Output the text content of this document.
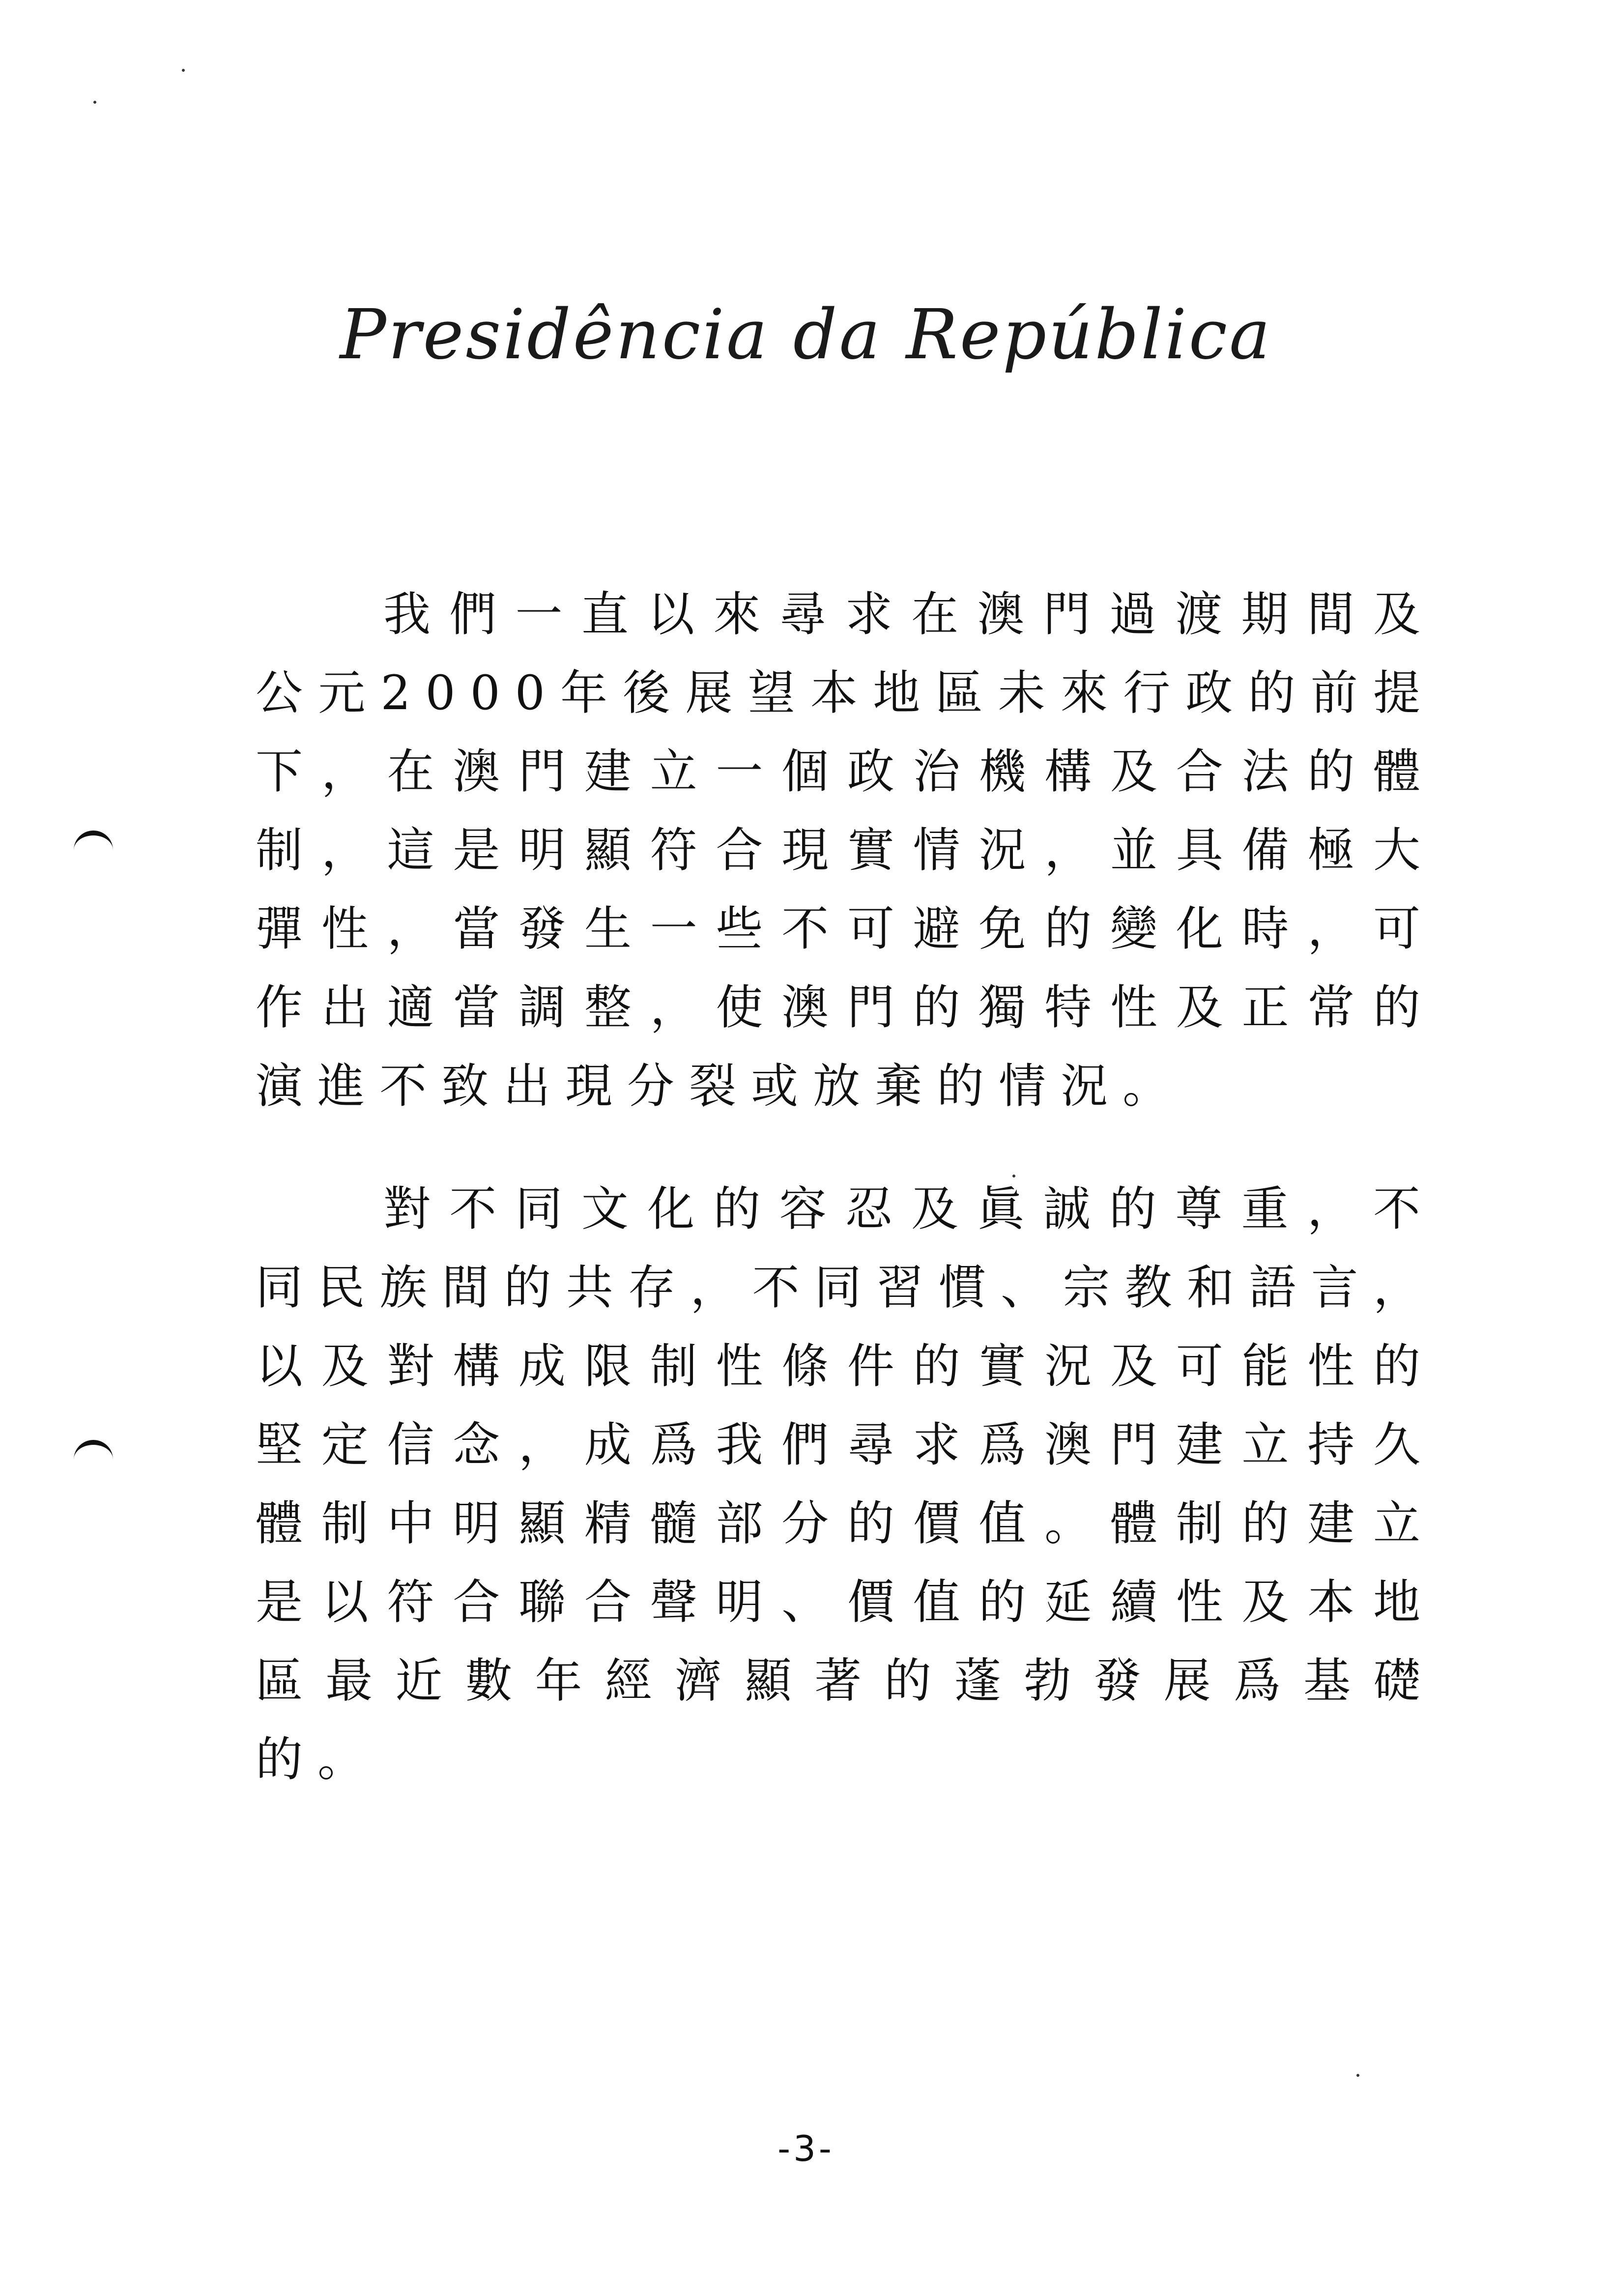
Presidência da República
我們一直以來尋求在澳門過渡期間及
公元2000年後展望本地區未來行政的前提
下，在澳門建立一個政治機構及合法的體
制，這是明顯符合現實情況，並具備極大
彈性，當發生一些不可避免的變化時，可
作出適當調整，使澳門的獨特性及正常的
演進不致出現分裂或放棄的情況。
對不同文化的容忍及眞誠的尊重，不
同民族間的共存，不同習慣、宗教和語言，
以及對構成限制性條件的實況及可能性的
堅定信念，成爲我們尋求爲澳門建立持久
體制中明顯精髓部分的價值。體制的建立
是以符合聯合聲明、價值的延續性及本地
區最近數年經濟顯著的蓬勃發展爲基礎
的。
-3-
